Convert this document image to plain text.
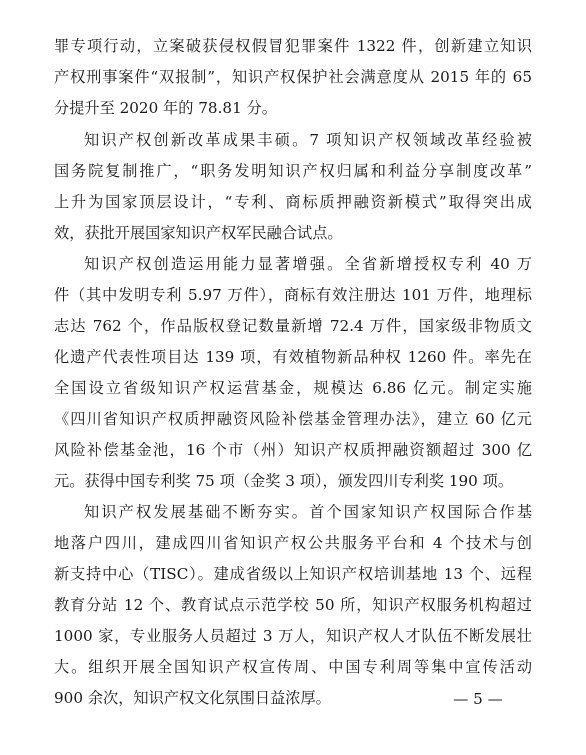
罪专项行动，立案破获侵权假冒犯罪案件 1322 件，创新建立知识
产权刑事案件“双报制”，知识产权保护社会满意度从 2015 年的 65
分提升至 2020 年的 78.81 分。
知识产权创新改革成果丰硕。7 项知识产权领域改革经验被
国务院复制推广，“职务发明知识产权归属和利益分享制度改革”
上升为国家顶层设计，“专利、商标质押融资新模式”取得突出成
效，获批开展国家知识产权军民融合试点。
知识产权创造运用能力显著增强。全省新增授权专利 40 万
件（其中发明专利 5.97 万件），商标有效注册达 101 万件，地理标
志达 762 个，作品版权登记数量新增 72.4 万件，国家级非物质文
化遗产代表性项目达 139 项，有效植物新品种权 1260 件。率先在
全国设立省级知识产权运营基金，规模达 6.86 亿元。制定实施
《四川省知识产权质押融资风险补偿基金管理办法》，建立 60 亿元
风险补偿基金池，16 个市（州）知识产权质押融资额超过 300 亿
元。获得中国专利奖 75 项（金奖 3 项），颁发四川专利奖 190 项。
知识产权发展基础不断夯实。首个国家知识产权国际合作基
地落户四川，建成四川省知识产权公共服务平台和 4 个技术与创
新支持中心（TISC）。建成省级以上知识产权培训基地 13 个、远程
教育分站 12 个、教育试点示范学校 50 所，知识产权服务机构超过
1000 家，专业服务人员超过 3 万人，知识产权人才队伍不断发展壮
大。组织开展全国知识产权宣传周、中国专利周等集中宣传活动
900 余次，知识产权文化氛围日益浓厚。	— 5 —
